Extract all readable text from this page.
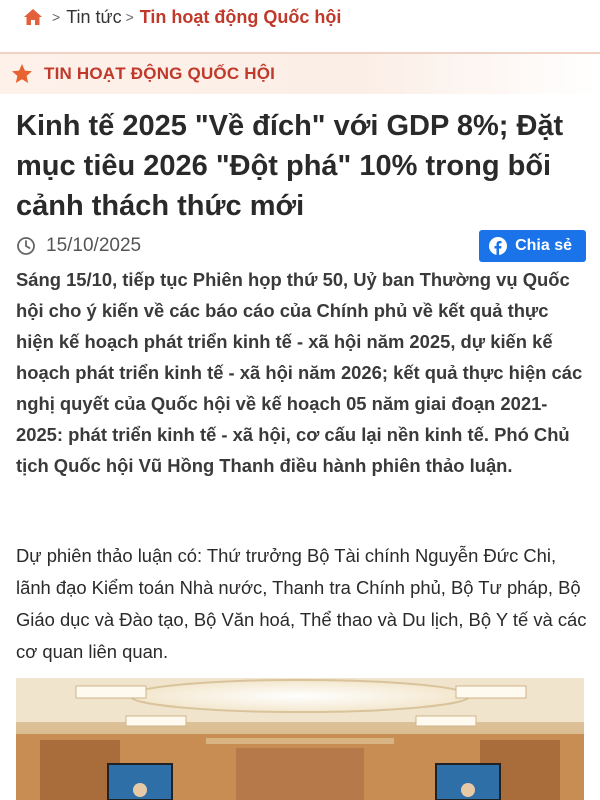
> Tin tức > Tin hoạt động Quốc hội
TIN HOẠT ĐỘNG QUỐC HỘI
Kinh tế 2025 "Về đích" với GDP 8%; Đặt mục tiêu 2026 "Đột phá" 10% trong bối cảnh thách thức mới
15/10/2025	Chia sẻ

Sáng 15/10, tiếp tục Phiên họp thứ 50, Uỷ ban Thường vụ Quốc hội cho ý kiến về các báo cáo của Chính phủ về kết quả thực hiện kế hoạch phát triển kinh tế - xã hội năm 2025, dự kiến kế hoạch phát triển kinh tế - xã hội năm 2026; kết quả thực hiện các nghị quyết của Quốc hội về kế hoạch 05 năm giai đoạn 2021-2025: phát triển kinh tế - xã hội, cơ cấu lại nền kinh tế. Phó Chủ tịch Quốc hội Vũ Hồng Thanh điều hành phiên thảo luận.

Dự phiên thảo luận có: Thứ trưởng Bộ Tài chính Nguyễn Đức Chi, lãnh đạo Kiểm toán Nhà nước, Thanh tra Chính phủ, Bộ Tư pháp, Bộ Giáo dục và Đào tạo, Bộ Văn hoá, Thể thao và Du lịch, Bộ Y tế và các cơ quan liên quan.
